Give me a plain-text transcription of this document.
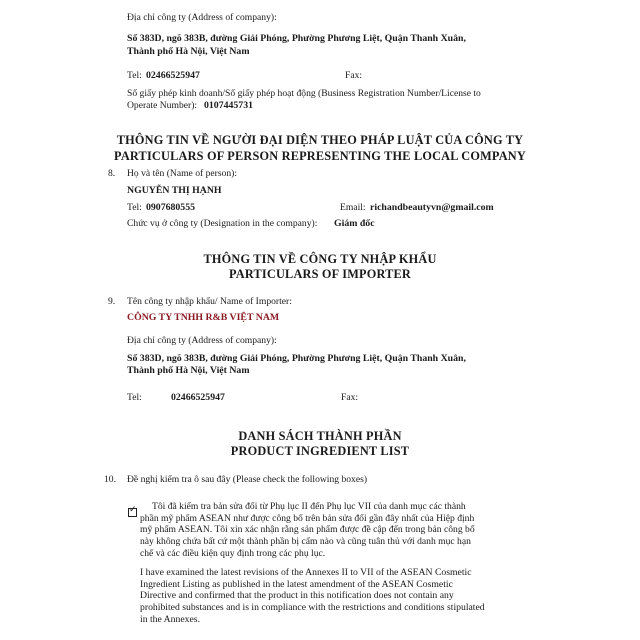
Địa chỉ công ty (Address of company):
Số 383D, ngõ 383B, đường Giải Phóng, Phường Phương Liệt, Quận Thanh Xuân,
Thành phố Hà Nội, Việt Nam
Tel: 02466525947	Fax:
Số giấy phép kinh doanh/Số giấy phép hoạt động (Business Registration Number/License to
Operate Number): 0107445731
THÔNG TIN VỀ NGƯỜI ĐẠI DIỆN THEO PHÁP LUẬT CỦA CÔNG TY
PARTICULARS OF PERSON REPRESENTING THE LOCAL COMPANY
8. Họ và tên (Name of person):
NGUYỄN THỊ HẠNH
Tel: 0907680555	Email: richandbeautyvn@gmail.com
Chức vụ ở công ty (Designation in the company): Giám đốc
THÔNG TIN VỀ CÔNG TY NHẬP KHẨU
PARTICULARS OF IMPORTER
9. Tên công ty nhập khẩu/ Name of Importer:
CÔNG TY TNHH R&B VIỆT NAM
Địa chỉ công ty (Address of company):
Số 383D, ngõ 383B, đường Giải Phóng, Phường Phương Liệt, Quận Thanh Xuân,
Thành phố Hà Nội, Việt Nam
Tel:	02466525947	Fax:
DANH SÁCH THÀNH PHẦN
PRODUCT INGREDIENT LIST
10. Đề nghị kiểm tra ô sau đây (Please check the following boxes)
✓
Tôi đã kiểm tra bản sửa đổi từ Phụ lục II đến Phụ lục VII của danh mục các thành
phần mỹ phẩm ASEAN như được công bố trên bản sửa đổi gần đây nhất của Hiệp định
mỹ phẩm ASEAN. Tôi xin xác nhận rằng sản phẩm được đề cập đến trong bản công bố
này không chứa bất cứ một thành phần bị cấm nào và cũng tuân thủ với danh mục hạn
chế và các điều kiện quy định trong các phụ lục.
I have examined the latest revisions of the Annexes II to VII of the ASEAN Cosmetic
Ingredient Listing as published in the latest amendment of the ASEAN Cosmetic
Directive and confirmed that the product in this notification does not contain any
prohibited substances and is in compliance with the restrictions and conditions stipulated
in the Annexes.
